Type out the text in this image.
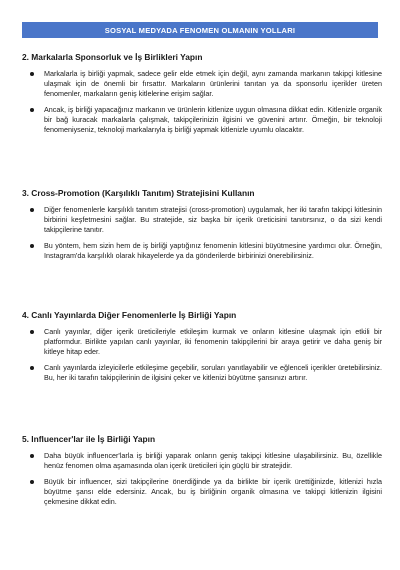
SOSYAL MEDYADA FENOMEN OLMANIN YOLLARI
2. Markalarla Sponsorluk ve İş Birlikleri Yapın
Markalarla iş birliği yapmak, sadece gelir elde etmek için değil, aynı zamanda markanın takipçi kitlesine ulaşmak için de önemli bir fırsattır. Markaların ürünlerini tanıtan ya da sponsorlu içerikler üreten fenomenler, markaların geniş kitlelerine erişim sağlar.
Ancak, iş birliği yapacağınız markanın ve ürünlerin kitlenize uygun olmasına dikkat edin. Kitlenizle organik bir bağ kuracak markalarla çalışmak, takipçilerinizin ilgisini ve güvenini artırır. Örneğin, bir teknoloji fenomeniyseniz, teknoloji markalarıyla iş birliği yapmak kitlenizle uyumlu olacaktır.
3. Cross-Promotion (Karşılıklı Tanıtım) Stratejisini Kullanın
Diğer fenomenlerle karşılıklı tanıtım stratejisi (cross-promotion) uygulamak, her iki tarafın takipçi kitlesinin birbirini keşfetmesini sağlar. Bu stratejide, siz başka bir içerik üreticisini tanıtırsınız, o da sizi kendi takipçilerine tanıtır.
Bu yöntem, hem sizin hem de iş birliği yaptığınız fenomenin kitlesini büyütmesine yardımcı olur. Örneğin, Instagram'da karşılıklı olarak hikayelerde ya da gönderilerde birbirinizi önerebilirsiniz.
4. Canlı Yayınlarda Diğer Fenomenlerle İş Birliği Yapın
Canlı yayınlar, diğer içerik üreticileriyle etkileşim kurmak ve onların kitlesine ulaşmak için etkili bir platformdur. Birlikte yapılan canlı yayınlar, iki fenomenin takipçilerini bir araya getirir ve daha geniş bir kitleye hitap eder.
Canlı yayınlarda izleyicilerle etkileşime geçebilir, soruları yanıtlayabilir ve eğlenceli içerikler üretebilirsiniz. Bu, her iki tarafın takipçilerinin de ilgisini çeker ve kitlenizi büyütme şansınızı artırır.
5. Influencer'lar ile İş Birliği Yapın
Daha büyük influencer'larla iş birliği yaparak onların geniş takipçi kitlesine ulaşabilirsiniz. Bu, özellikle henüz fenomen olma aşamasında olan içerik üreticileri için güçlü bir stratejidir.
Büyük bir influencer, sizi takipçilerine önerdiğinde ya da birlikte bir içerik ürettiğinizde, kitlenizi hızla büyütme şansı elde edersiniz. Ancak, bu iş birliğinin organik olmasına ve takipçi kitlenizin ilgisini çekmesine dikkat edin.
